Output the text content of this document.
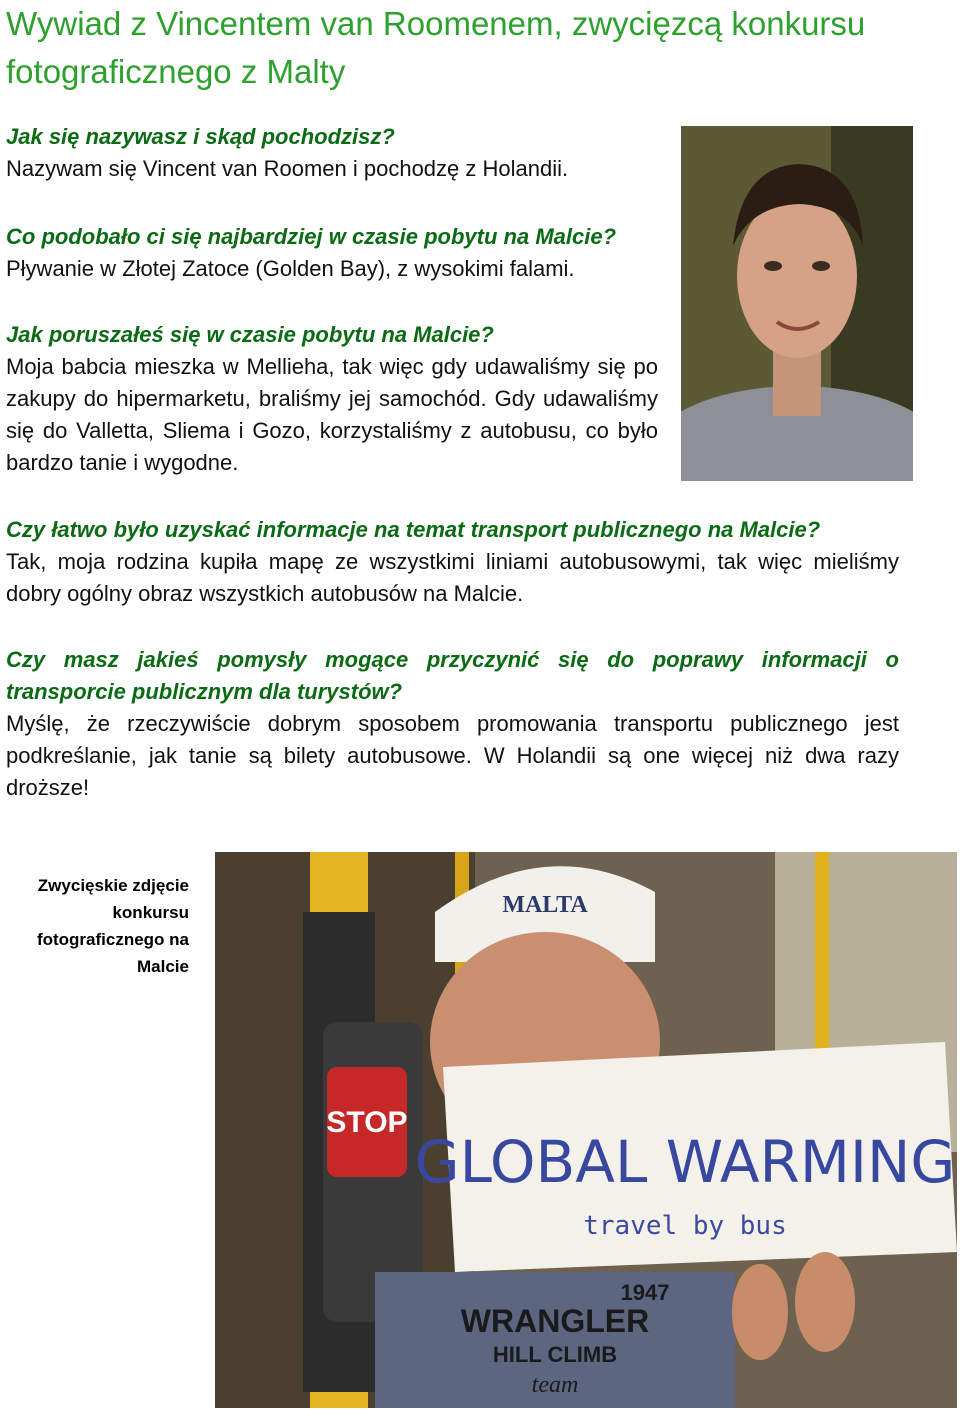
Wywiad z Vincentem van Roomenem, zwycięzcą konkursu fotograficznego z Malty
Jak się nazywasz i skąd pochodzisz?
Nazywam się Vincent van Roomen i pochodzę z Holandii.
Co podobało ci się najbardziej w czasie pobytu na Malcie?
Pływanie w Złotej Zatoce (Golden Bay), z wysokimi falami.
Jak poruszałeś się w czasie pobytu na Malcie?
Moja babcia mieszka w Mellieha, tak więc gdy udawaliśmy się po zakupy do hipermarketu, braliśmy jej samochód. Gdy udawaliśmy się do Valletta, Sliema i Gozo, korzystaliśmy z autobusu, co było bardzo tanie i wygodne.
Czy łatwo było uzyskać informacje na temat transport publicznego na Malcie?
Tak, moja rodzina kupiła mapę ze wszystkimi liniami autobusowymi, tak więc mieliśmy dobry ogólny obraz wszystkich autobusów na Malcie.
Czy masz jakieś pomysły mogące przyczynić się do poprawy informacji o transporcie publicznym dla turystów?
Myślę, że rzeczywiście dobrym sposobem promowania transportu publicznego jest podkreślanie, jak tanie są bilety autobusowe. W Holandii są one więcej niż dwa razy droższe!
Zwycięskie zdjęcie konkursu fotograficznego na Malcie
STOP
MALTA
1947
WRANGLER
HILL CLIMB
team
GLOBAL WARMING
travel by bus
